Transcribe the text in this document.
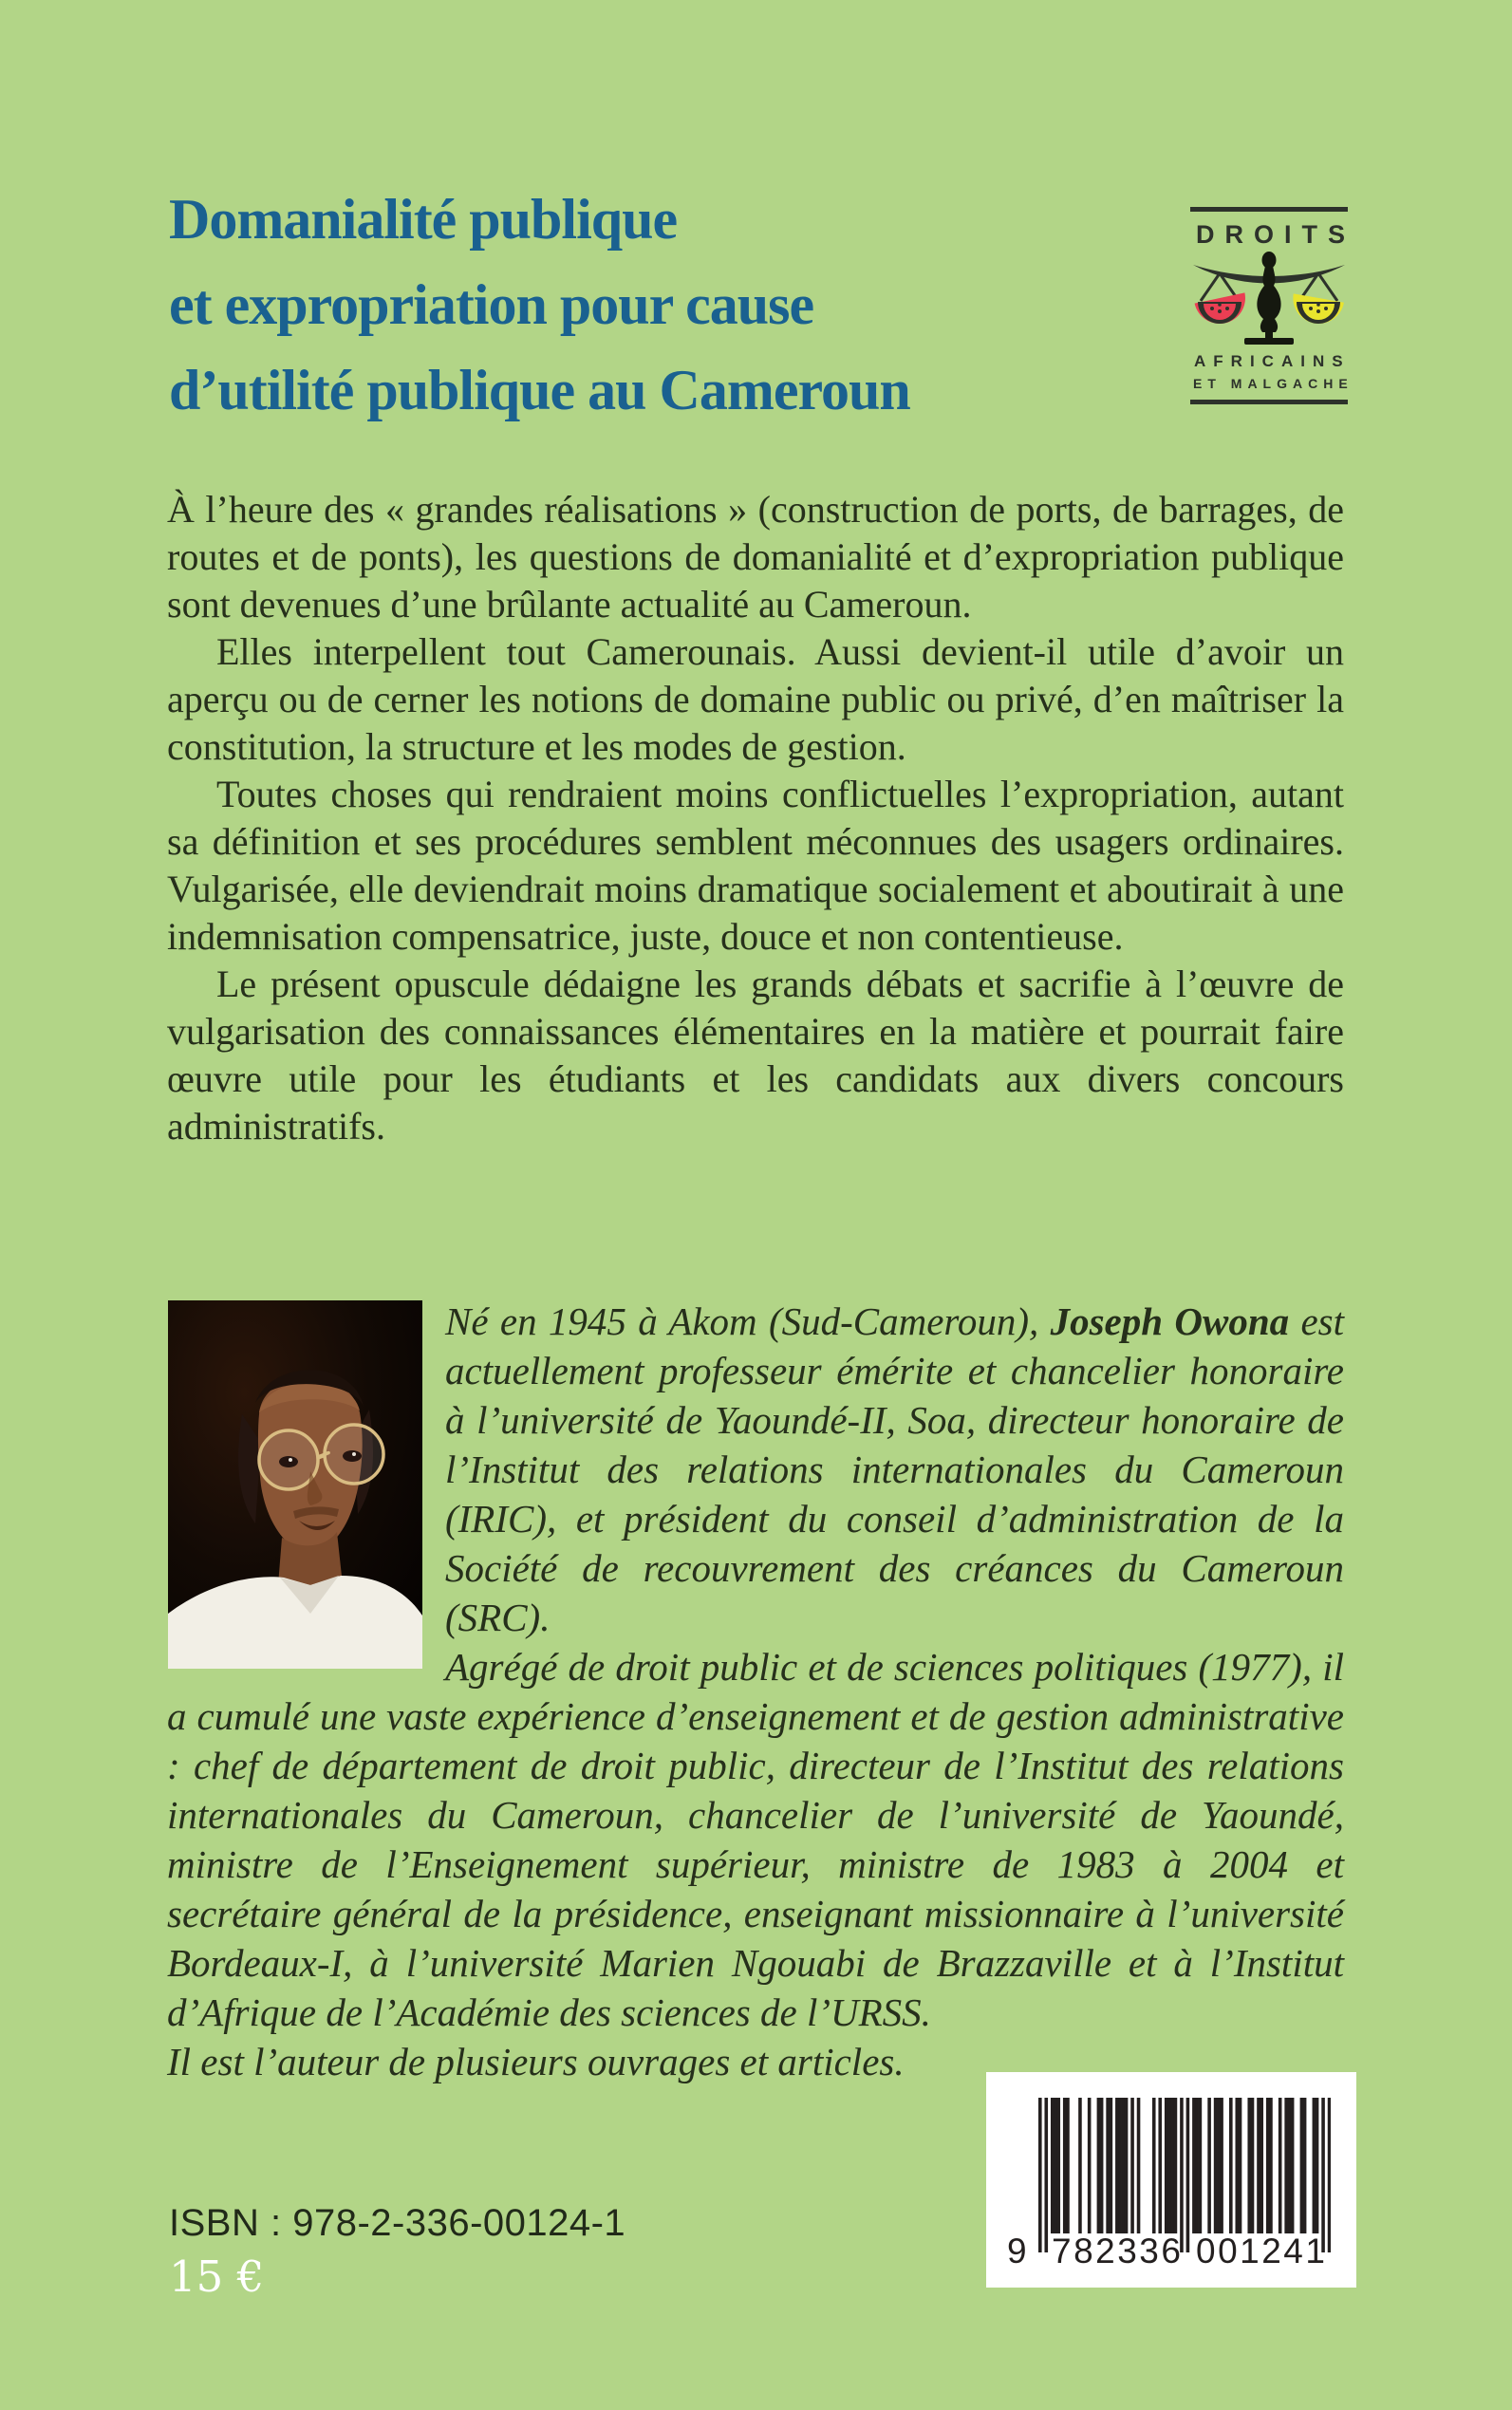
Domanialité publique
et expropriation pour cause
d’utilité publique au Cameroun
DROITS
AFRICAINS
ET MALGACHE

À l’heure des « grandes réalisations » (construction de ports, de barrages, de routes et de ponts), les questions de domanialité et d’expropriation publique sont devenues d’une brûlante actualité au Cameroun.

Elles interpellent tout Camerounais. Aussi devient-il utile d’avoir un aperçu ou de cerner les notions de domaine public ou privé, d’en maîtriser la constitution, la structure et les modes de gestion.

Toutes choses qui rendraient moins conflictuelles l’expropriation, autant sa définition et ses procédures semblent méconnues des usagers ordinaires. Vulgarisée, elle deviendrait moins dramatique socialement et aboutirait à une indemnisation compensatrice, juste, douce et non contentieuse.

Le présent opuscule dédaigne les grands débats et sacrifie à l’œuvre de vulgarisation des connaissances élémentaires en la matière et pourrait faire œuvre utile pour les étudiants et les candidats aux divers concours administratifs.

Né en 1945 à Akom (Sud-Cameroun), Joseph Owona est actuellement professeur émérite et chancelier honoraire à l’université de Yaoundé-II, Soa, directeur honoraire de l’Institut des relations internationales du Cameroun (IRIC), et président du conseil d’administration de la Société de recouvrement des créances du Cameroun (SRC).

Agrégé de droit public et de sciences politiques (1977), il a cumulé une vaste expérience d’enseignement et de gestion administrative : chef de département de droit public, directeur de l’Institut des relations internationales du Cameroun, chancelier de l’université de Yaoundé, ministre de l’Enseignement supérieur, ministre de 1983 à 2004 et secrétaire général de la présidence, enseignant missionnaire à l’université Bordeaux-I, à l’université Marien Ngouabi de Brazzaville et à l’Institut d’Afrique de l’Académie des sciences de l’URSS.

Il est l’auteur de plusieurs ouvrages et articles.

ISBN : 978-2-336-00124-1
15 €
9 782336 001241
